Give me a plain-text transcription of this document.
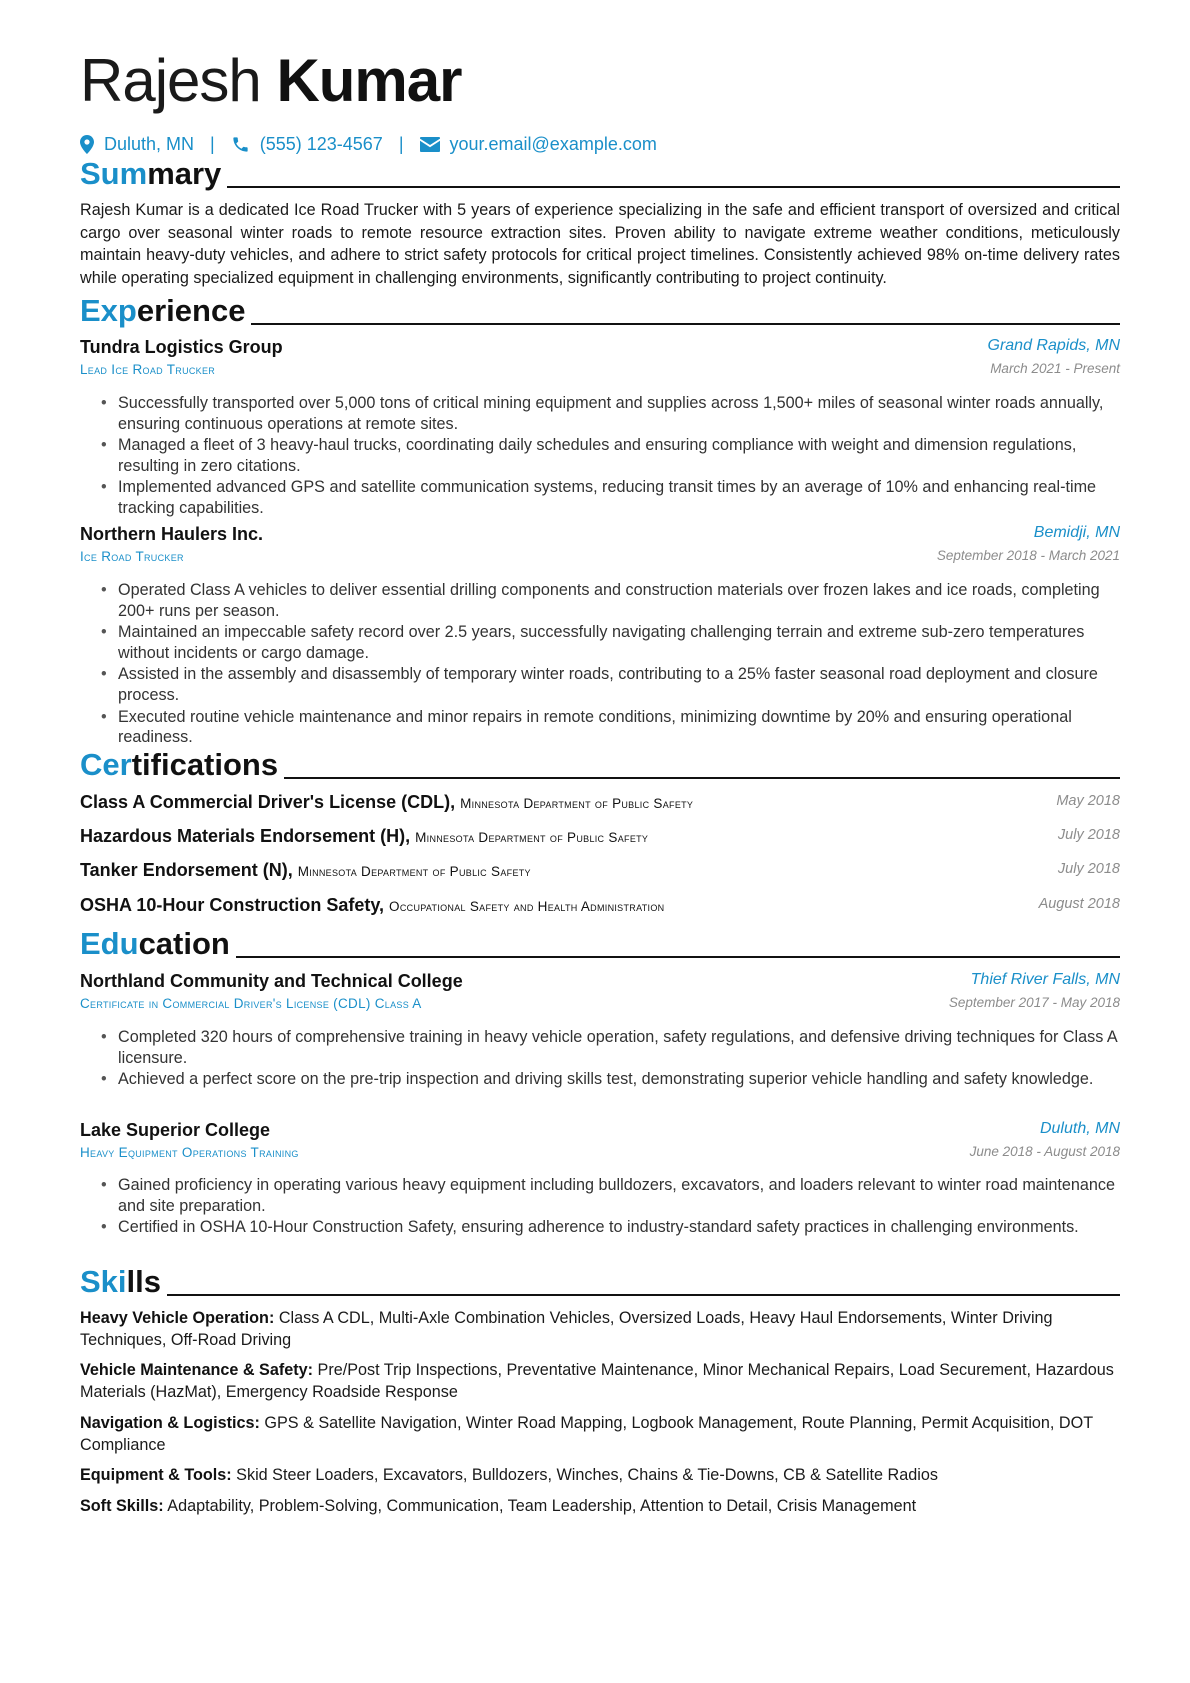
Rajesh Kumar
Duluth, MN |	(555) 123-4567 |	your.email@example.com
Summary
Rajesh Kumar is a dedicated Ice Road Trucker with 5 years of experience specializing in the safe and efficient transport of oversized and critical cargo over seasonal winter roads to remote resource extraction sites. Proven ability to navigate extreme weather conditions, meticulously maintain heavy-duty vehicles, and adhere to strict safety protocols for critical project timelines. Consistently achieved 98% on-time delivery rates while operating specialized equipment in challenging environments, significantly contributing to project continuity.
Experience
Tundra Logistics Group	Grand Rapids, MN
Lead Ice Road Trucker	March 2021 - Present
• Successfully transported over 5,000 tons of critical mining equipment and supplies across 1,500+ miles of seasonal winter roads annually, ensuring continuous operations at remote sites.
• Managed a fleet of 3 heavy-haul trucks, coordinating daily schedules and ensuring compliance with weight and dimension regulations, resulting in zero citations.
• Implemented advanced GPS and satellite communication systems, reducing transit times by an average of 10% and enhancing real-time tracking capabilities.
Northern Haulers Inc.	Bemidji, MN
Ice Road Trucker	September 2018 - March 2021
• Operated Class A vehicles to deliver essential drilling components and construction materials over frozen lakes and ice roads, completing 200+ runs per season.
• Maintained an impeccable safety record over 2.5 years, successfully navigating challenging terrain and extreme sub-zero temperatures without incidents or cargo damage.
• Assisted in the assembly and disassembly of temporary winter roads, contributing to a 25% faster seasonal road deployment and closure process.
• Executed routine vehicle maintenance and minor repairs in remote conditions, minimizing downtime by 20% and ensuring operational readiness.
Certifications
Class A Commercial Driver's License (CDL), Minnesota Department of Public Safety	May 2018
Hazardous Materials Endorsement (H), Minnesota Department of Public Safety	July 2018
Tanker Endorsement (N), Minnesota Department of Public Safety	July 2018
OSHA 10-Hour Construction Safety, Occupational Safety and Health Administration	August 2018
Education
Northland Community and Technical College	Thief River Falls, MN
Certificate in Commercial Driver's License (CDL) Class A	September 2017 - May 2018
• Completed 320 hours of comprehensive training in heavy vehicle operation, safety regulations, and defensive driving techniques for Class A licensure.
• Achieved a perfect score on the pre-trip inspection and driving skills test, demonstrating superior vehicle handling and safety knowledge.
Lake Superior College	Duluth, MN
Heavy Equipment Operations Training	June 2018 - August 2018
• Gained proficiency in operating various heavy equipment including bulldozers, excavators, and loaders relevant to winter road maintenance and site preparation.
• Certified in OSHA 10-Hour Construction Safety, ensuring adherence to industry-standard safety practices in challenging environments.
Skills
Heavy Vehicle Operation: Class A CDL, Multi-Axle Combination Vehicles, Oversized Loads, Heavy Haul Endorsements, Winter Driving Techniques, Off-Road Driving
Vehicle Maintenance & Safety: Pre/Post Trip Inspections, Preventative Maintenance, Minor Mechanical Repairs, Load Securement, Hazardous Materials (HazMat), Emergency Roadside Response
Navigation & Logistics: GPS & Satellite Navigation, Winter Road Mapping, Logbook Management, Route Planning, Permit Acquisition, DOT Compliance
Equipment & Tools: Skid Steer Loaders, Excavators, Bulldozers, Winches, Chains & Tie-Downs, CB & Satellite Radios
Soft Skills: Adaptability, Problem-Solving, Communication, Team Leadership, Attention to Detail, Crisis Management
